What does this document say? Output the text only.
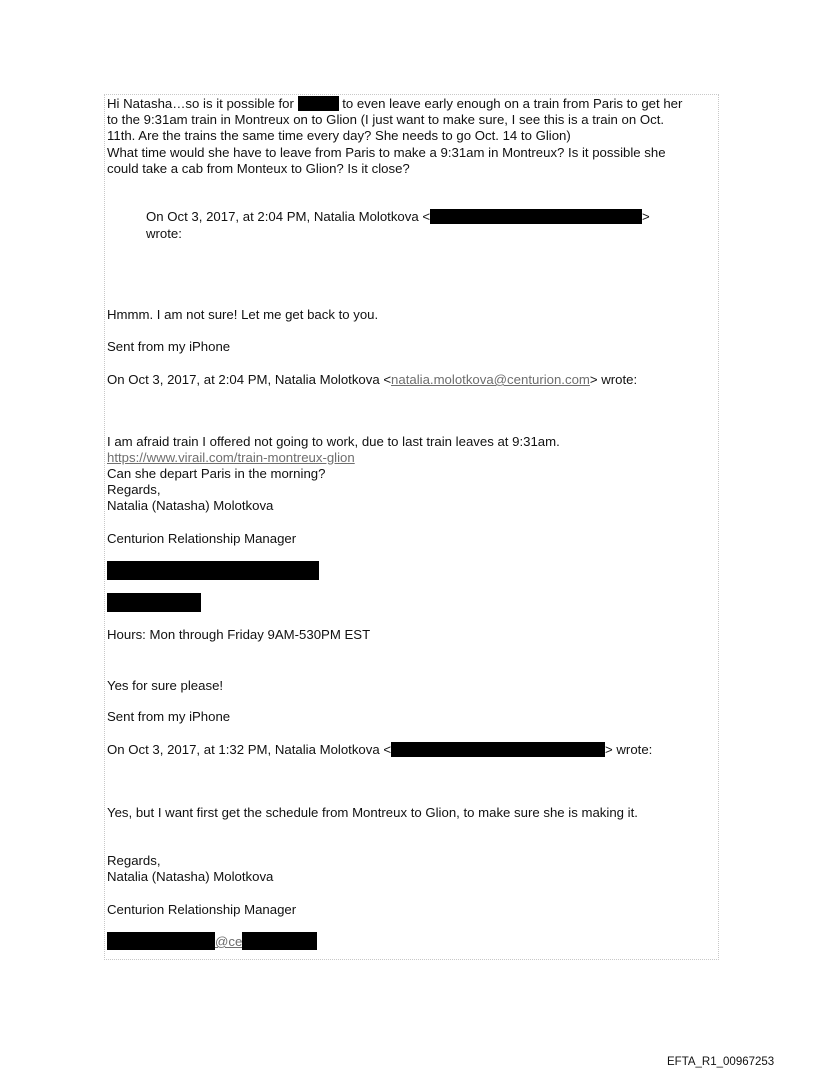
Hi Natasha…so is it possible for	to even leave early enough on a train from Paris to get her

to the 9:31am train in Montreux on to Glion (I just want to make sure, I see this is a train on Oct.

11th. Are the trains the same time every day? She needs to go Oct. 14 to Glion)

What time would she have to leave from Paris to make a 9:31am in Montreux? Is it possible she

could take a cab from Monteux to Glion? Is it close?

On Oct 3, 2017, at 2:04 PM, Natalia Molotkova <	>

wrote:

Hmmm. I am not sure! Let me get back to you.

Sent from my iPhone

On Oct 3, 2017, at 2:04 PM, Natalia Molotkova <natalia.molotkova@centurion.com> wrote:

I am afraid train I offered not going to work, due to last train leaves at 9:31am.

https://www.virail.com/train-montreux-glion

Can she depart Paris in the morning?

Regards,

Natalia (Natasha) Molotkova

Centurion Relationship Manager

Hours: Mon through Friday 9AM-530PM EST

Yes for sure please!

Sent from my iPhone

On Oct 3, 2017, at 1:32 PM, Natalia Molotkova <	> wrote:

Yes, but I want first get the schedule from Montreux to Glion, to make sure she is making it.

Regards,

Natalia (Natasha) Molotkova

Centurion Relationship Manager

@ce

EFTA_R1_00967253
